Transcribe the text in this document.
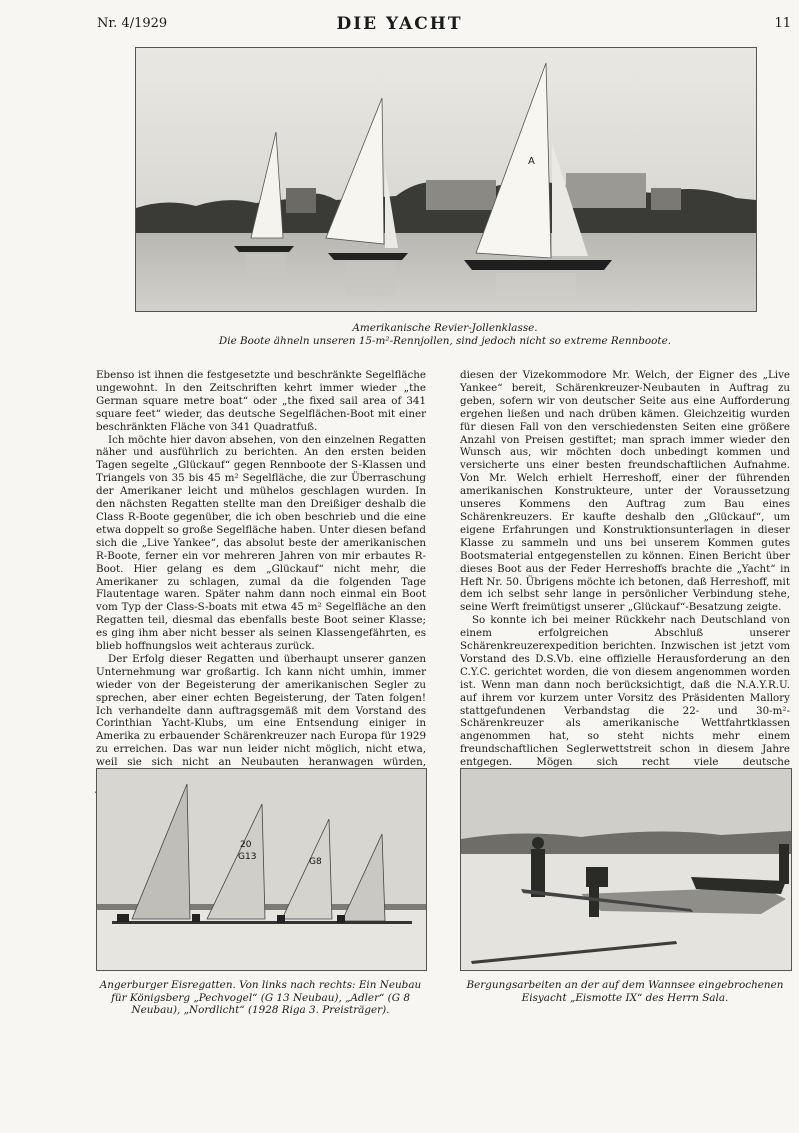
Nr. 4/1929	DIE YACHT	11
A
Amerikanische Revier-Jollenklasse.
Die Boote ähneln unseren 15-m²-Rennjollen, sind jedoch nicht so extreme Rennboote.

Ebenso ist ihnen die festgesetzte und beschränkte Segelfläche ungewohnt. In den Zeitschriften kehrt immer wieder „the German square metre boat“ oder „the fixed sail area of 341 square feet“ wieder, das deutsche Segelflächen-Boot mit einer beschränkten Fläche von 341 Quadratfuß.

Ich möchte hier davon absehen, von den einzelnen Regatten näher und ausführlich zu berichten. An den ersten beiden Tagen segelte „Glückauf“ gegen Rennboote der S-Klassen und Triangels von 35 bis 45 m² Segelfläche, die zur Überraschung der Amerikaner leicht und mühelos geschlagen wurden. In den nächsten Regatten stellte man den Dreißiger deshalb die Class R-Boote gegenüber, die ich oben beschrieb und die eine etwa doppelt so große Segelfläche haben. Unter diesen befand sich die „Live Yankee“, das absolut beste der amerikanischen R-Boote, ferner ein vor mehreren Jahren von mir erbautes R-Boot. Hier gelang es dem „Glückauf“ nicht mehr, die Amerikaner zu schlagen, zumal da die folgenden Tage Flautentage waren. Später nahm dann noch einmal ein Boot vom Typ der Class-S-boats mit etwa 45 m² Segelfläche an den Regatten teil, diesmal das ebenfalls beste Boot seiner Klasse; es ging ihm aber nicht besser als seinen Klassengefährten, es blieb hoffnungslos weit achteraus zurück.

Der Erfolg dieser Regatten und überhaupt unserer ganzen Unternehmung war großartig. Ich kann nicht umhin, immer wieder von der Begeisterung der amerikanischen Segler zu sprechen, aber einer echten Begeisterung, der Taten folgen! Ich verhandelte dann auftragsgemäß mit dem Vorstand des Corinthian Yacht-Klubs, um eine Entsendung einiger in Amerika zu erbauender Schärenkreuzer nach Europa für 1929 zu erreichen. Das war nun leider nicht möglich, nicht etwa, weil sie sich nicht an Neubauten heranwagen würden,

diesen der Vizekommodore Mr. Welch, der Eigner des „Live Yankee“ bereit, Schärenkreuzer-Neubauten in Auftrag zu geben, sofern wir von deutscher Seite aus eine Aufforderung ergehen ließen und nach drüben kämen. Gleichzeitig wurden für diesen Fall von den verschiedensten Seiten eine größere Anzahl von Preisen gestiftet; man sprach immer wieder den Wunsch aus, wir möchten doch unbedingt kommen und versicherte uns einer besten freundschaftlichen Aufnahme. Von Mr. Welch erhielt Herreshoff, einer der führenden amerikanischen Konstrukteure, unter der Voraussetzung unseres Kommens den Auftrag zum Bau eines Schärenkreuzers. Er kaufte deshalb den „Glückauf“, um eigene Erfahrungen und Konstruktionsunterlagen in dieser Klasse zu sammeln und uns bei unserem Kommen gutes Bootsmaterial entgegenstellen zu können. Einen Bericht über dieses Boot aus der Feder Herreshoffs brachte die „Yacht“ in Heft Nr. 50. Übrigens möchte ich betonen, daß Herreshoff, mit dem ich selbst sehr lange in persönlicher Verbindung stehe, seine Werft freimütigst unserer „Glückauf“-Besatzung zeigte.

So konnte ich bei meiner Rückkehr nach Deutschland von einem erfolgreichen Abschluß unserer Schärenkreuzerexpedition berichten. Inzwischen ist jetzt vom Vorstand des D.S.Vb. eine offizielle Herausforderung an den C.Y.C. gerichtet worden, die von diesem angenommen worden ist. Wenn man dann noch berücksichtigt, daß die N.A.Y.R.U. auf ihrem vor kurzem unter Vorsitz des Präsidenten Mallory stattgefundenen Verbandstag die 22- und 30-m²-Schärenkreuzer als amerikanische Wettfahrtklassen angenommen hat, so steht nichts mehr einem freundschaftlichen Seglerwettstreit schon in diesem Jahre entgegen. Mögen sich recht viele deutsche

20
G13	G8
Angerburger Eisregatten. Von links nach rechts: Ein Neubau für Königsberg „Pechvogel“ (G 13 Neubau), „Adler“ (G 8 Neubau), „Nordlicht“ (1928 Riga 3. Preisträger).
Bergungsarbeiten an der auf dem Wannsee eingebrochenen Eisyacht „Eismotte IX“ des Herrn Sala.
